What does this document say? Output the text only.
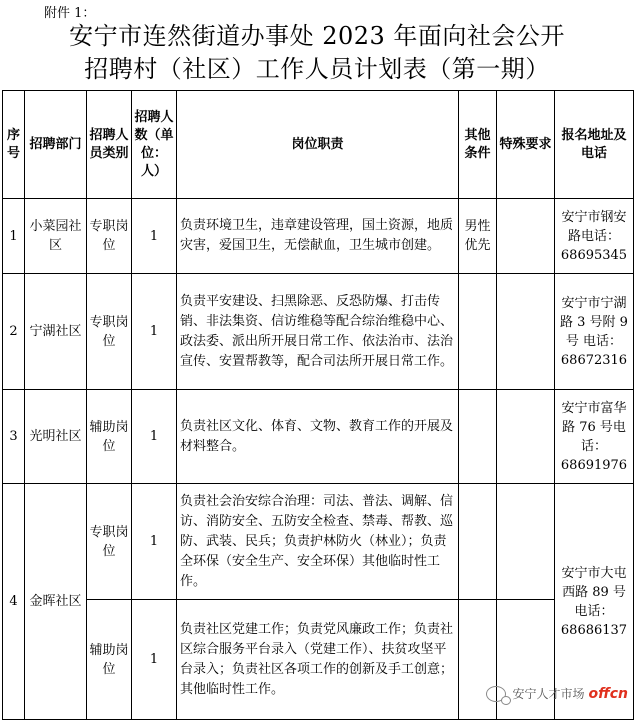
附件 1：
安宁市连然街道办事处 2023 年面向社会公开
招聘村（社区）工作人员计划表（第一期）
序号	招聘部门	招聘人员类别	招聘人数（单位：人）	岗位职责	其他条件	特殊要求	报名地址及电话
1	小菜园社区	专职岗位	1	负责环境卫生，违章建设管理，国土资源，地质灾害，爱国卫生，无偿献血，卫生城市创建。	男性优先		安宁市钢安路电话：68695345
2	宁湖社区	专职岗位	1	负责平安建设、扫黑除恶、反恐防爆、打击传销、非法集资、信访维稳等配合综治维稳中心、政法委、派出所开展日常工作、依法治市、法治宣传、安置帮教等，配合司法所开展日常工作。			安宁市宁湖路 3 号附 9 号 电话：68672316
3	光明社区	辅助岗位	1	负责社区文化、体育、文物、教育工作的开展及材料整合。			安宁市富华路 76 号电话：68691976
4	金晖社区	专职岗位	1	负责社会治安综合治理：司法、普法、调解、信访、消防安全、五防安全检查、禁毒、帮教、巡防、武装、民兵；负责护林防火（林业）；负责全环保（安全生产、安全环保）其他临时性工作。			安宁市大屯西路 89 号电话：68686137
		辅助岗位	1	负责社区党建工作；负责党风廉政工作；负责社区综合服务平台录入（党建工作）、扶贫攻坚平台录入；负责社区各项工作的创新及手工创意；其他临时性工作。				安宁人才市场 offcn
